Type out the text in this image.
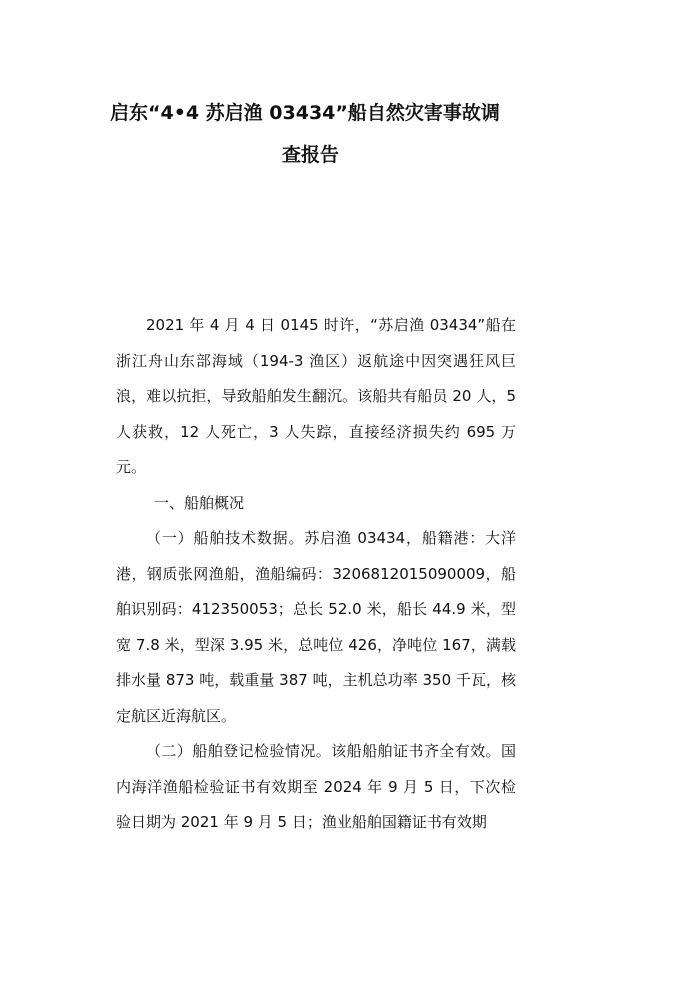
启东“4•4 苏启渔 03434”船自然灾害事故调
查报告

2021 年 4 月 4 日 0145 时许，“苏启渔 03434”船在浙江舟山东部海域（194-3 渔区）返航途中因突遇狂风巨浪，难以抗拒，导致船舶发生翻沉。该船共有船员 20 人，5 人获救，12 人死亡，3 人失踪，直接经济损失约 695 万元。

一、船舶概况

（一）船舶技术数据。苏启渔 03434，船籍港：大洋港，钢质张网渔船，渔船编码：3206812015090009，船舶识别码：412350053；总长 52.0 米，船长 44.9 米，型宽 7.8 米，型深 3.95 米，总吨位 426，净吨位 167，满载排水量 873 吨，载重量 387 吨，主机总功率 350 千瓦，核定航区近海航区。

（二）船舶登记检验情况。该船船舶证书齐全有效。国内海洋渔船检验证书有效期至 2024 年 9 月 5 日，下次检验日期为 2021 年 9 月 5 日；渔业船舶国籍证书有效期
